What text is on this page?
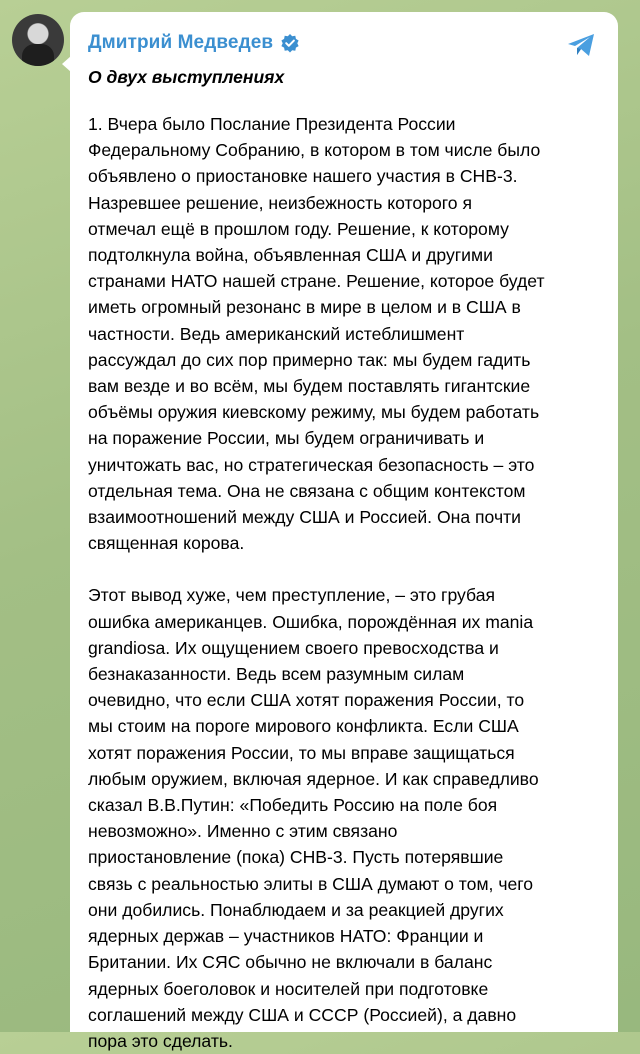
Дмитрий Медведев
О двух выступлениях

1. Вчера было Послание Президента России
Федеральному Собранию, в котором в том числе было
объявлено о приостановке нашего участия в СНВ-3.
Назревшее решение, неизбежность которого я
отмечал ещё в прошлом году. Решение, к которому
подтолкнула война, объявленная США и другими
странами НАТО нашей стране. Решение, которое будет
иметь огромный резонанс в мире в целом и в США в
частности. Ведь американский истеблишмент
рассуждал до сих пор примерно так: мы будем гадить
вам везде и во всём, мы будем поставлять гигантские
объёмы оружия киевскому режиму, мы будем работать
на поражение России, мы будем ограничивать и
уничтожать вас, но стратегическая безопасность – это
отдельная тема. Она не связана с общим контекстом
взаимоотношений между США и Россией. Она почти
священная корова.

Этот вывод хуже, чем преступление, – это грубая
ошибка американцев. Ошибка, порождённая их mania
grandiosa. Их ощущением своего превосходства и
безнаказанности. Ведь всем разумным силам
очевидно, что если США хотят поражения России, то
мы стоим на пороге мирового конфликта. Если США
хотят поражения России, то мы вправе защищаться
любым оружием, включая ядерное. И как справедливо
сказал В.В.Путин: «Победить Россию на поле боя
невозможно». Именно с этим связано
приостановление (пока) СНВ-3. Пусть потерявшие
связь с реальностью элиты в США думают о том, чего
они добились. Понаблюдаем и за реакцией других
ядерных держав – участников НАТО: Франции и
Британии. Их СЯС обычно не включали в баланс
ядерных боеголовок и носителей при подготовке
соглашений между США и СССР (Россией), а давно
пора это сделать.
